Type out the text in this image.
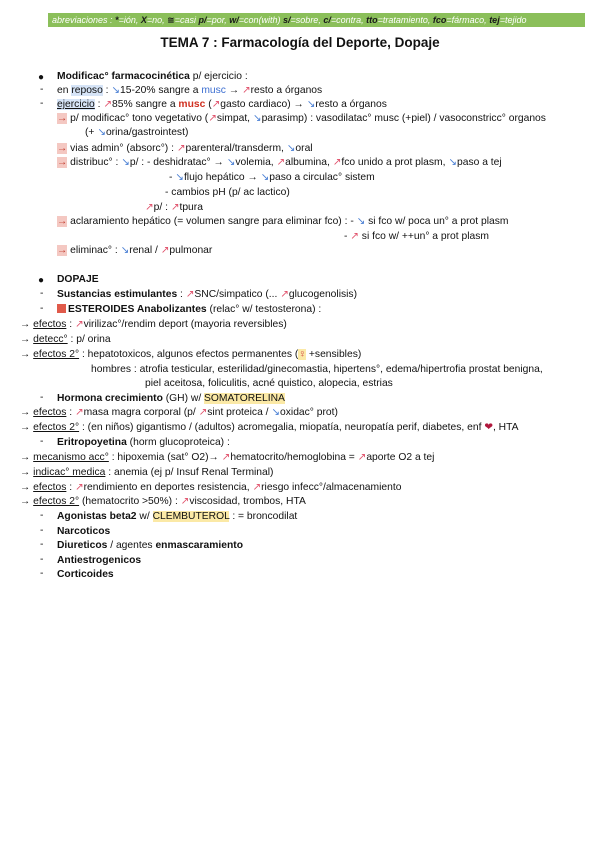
abreviaciones : *=ión, X=no, ≅=casi p/=por, w/=con(with) s/=sobre, c/=contra, tto=tratamiento, fco=fármaco, tej=tejido
TEMA 7 : Farmacología del Deporte, Dopaje
● Modificac° farmacocinética p/ ejercicio :
- en reposo : ↘15-20% sangre a musc → ↗resto a órganos
- ejercicio : ↗85% sangre a musc (↗gasto cardiaco) → ↘resto a órganos
→ p/ modificac° tono vegetativo (↗simpat, ↘parasimp) : vasodilatac° musc (+piel) / vasoconstricc° organos
(+ ↘orina/gastrointest)
→ vias admin° (absorc°) : ↗parenteral/transderm, ↘oral
→ distribuc° : ↘p/ : - deshidratac° → ↘volemia, ↗albumina, ↗fco unido a prot plasm, ↘paso a tej
- ↘flujo hepático → ↘paso a circulac° sistem
- cambios pH (p/ ac lactico)
↗p/ : ↗tpura
→ aclaramiento hepático (= volumen sangre para eliminar fco) : - ↘ si fco w/ poca un° a prot plasm
- ↗ si fco w/ ++un° a prot plasm
→ eliminac° : ↘renal / ↗pulmonar
● DOPAJE
- Sustancias estimulantes : ↗SNC/simpatico (... ↗glucogenolisis)
-	ESTEROIDES Anabolizantes (relac° w/ testosterona) :
→ efectos : ↗virilizac°/rendim deport (mayoria reversibles)
→ detecc° : p/ orina
→ efectos 2° : hepatotoxicos, algunos efectos permanentes (♀ +sensibles)
hombres : atrofia testicular, esterilidad/ginecomastia, hipertens°, edema/hipertrofia prostat benigna,
piel aceitosa, foliculitis, acné quistico, alopecia, estrias
- Hormona crecimiento (GH) w/ SOMATORELINA
→ efectos : ↗masa magra corporal (p/ ↗sint proteica / ↘oxidac° prot)
→ efectos 2° : (en niños) gigantismo / (adultos) acromegalia, miopatía, neuropatía perif, diabetes, enf ❤, HTA
- Eritropoyetina (horm glucoproteica) :
→ mecanismo acc° : hipoxemia (sat° O2)→ ↗hematocrito/hemoglobina = ↗aporte O2 a tej
→ indicac° medica : anemia (ej p/ Insuf Renal Terminal)
→ efectos : ↗rendimiento en deportes resistencia, ↗riesgo infecc°/almacenamiento
→ efectos 2° (hematocrito >50%) : ↗viscosidad, trombos, HTA
- Agonistas beta2 w/ CLEMBUTEROL : = broncodilat
- Narcoticos
- Diureticos / agentes enmascaramiento
- Antiestrogenicos
- Corticoides
